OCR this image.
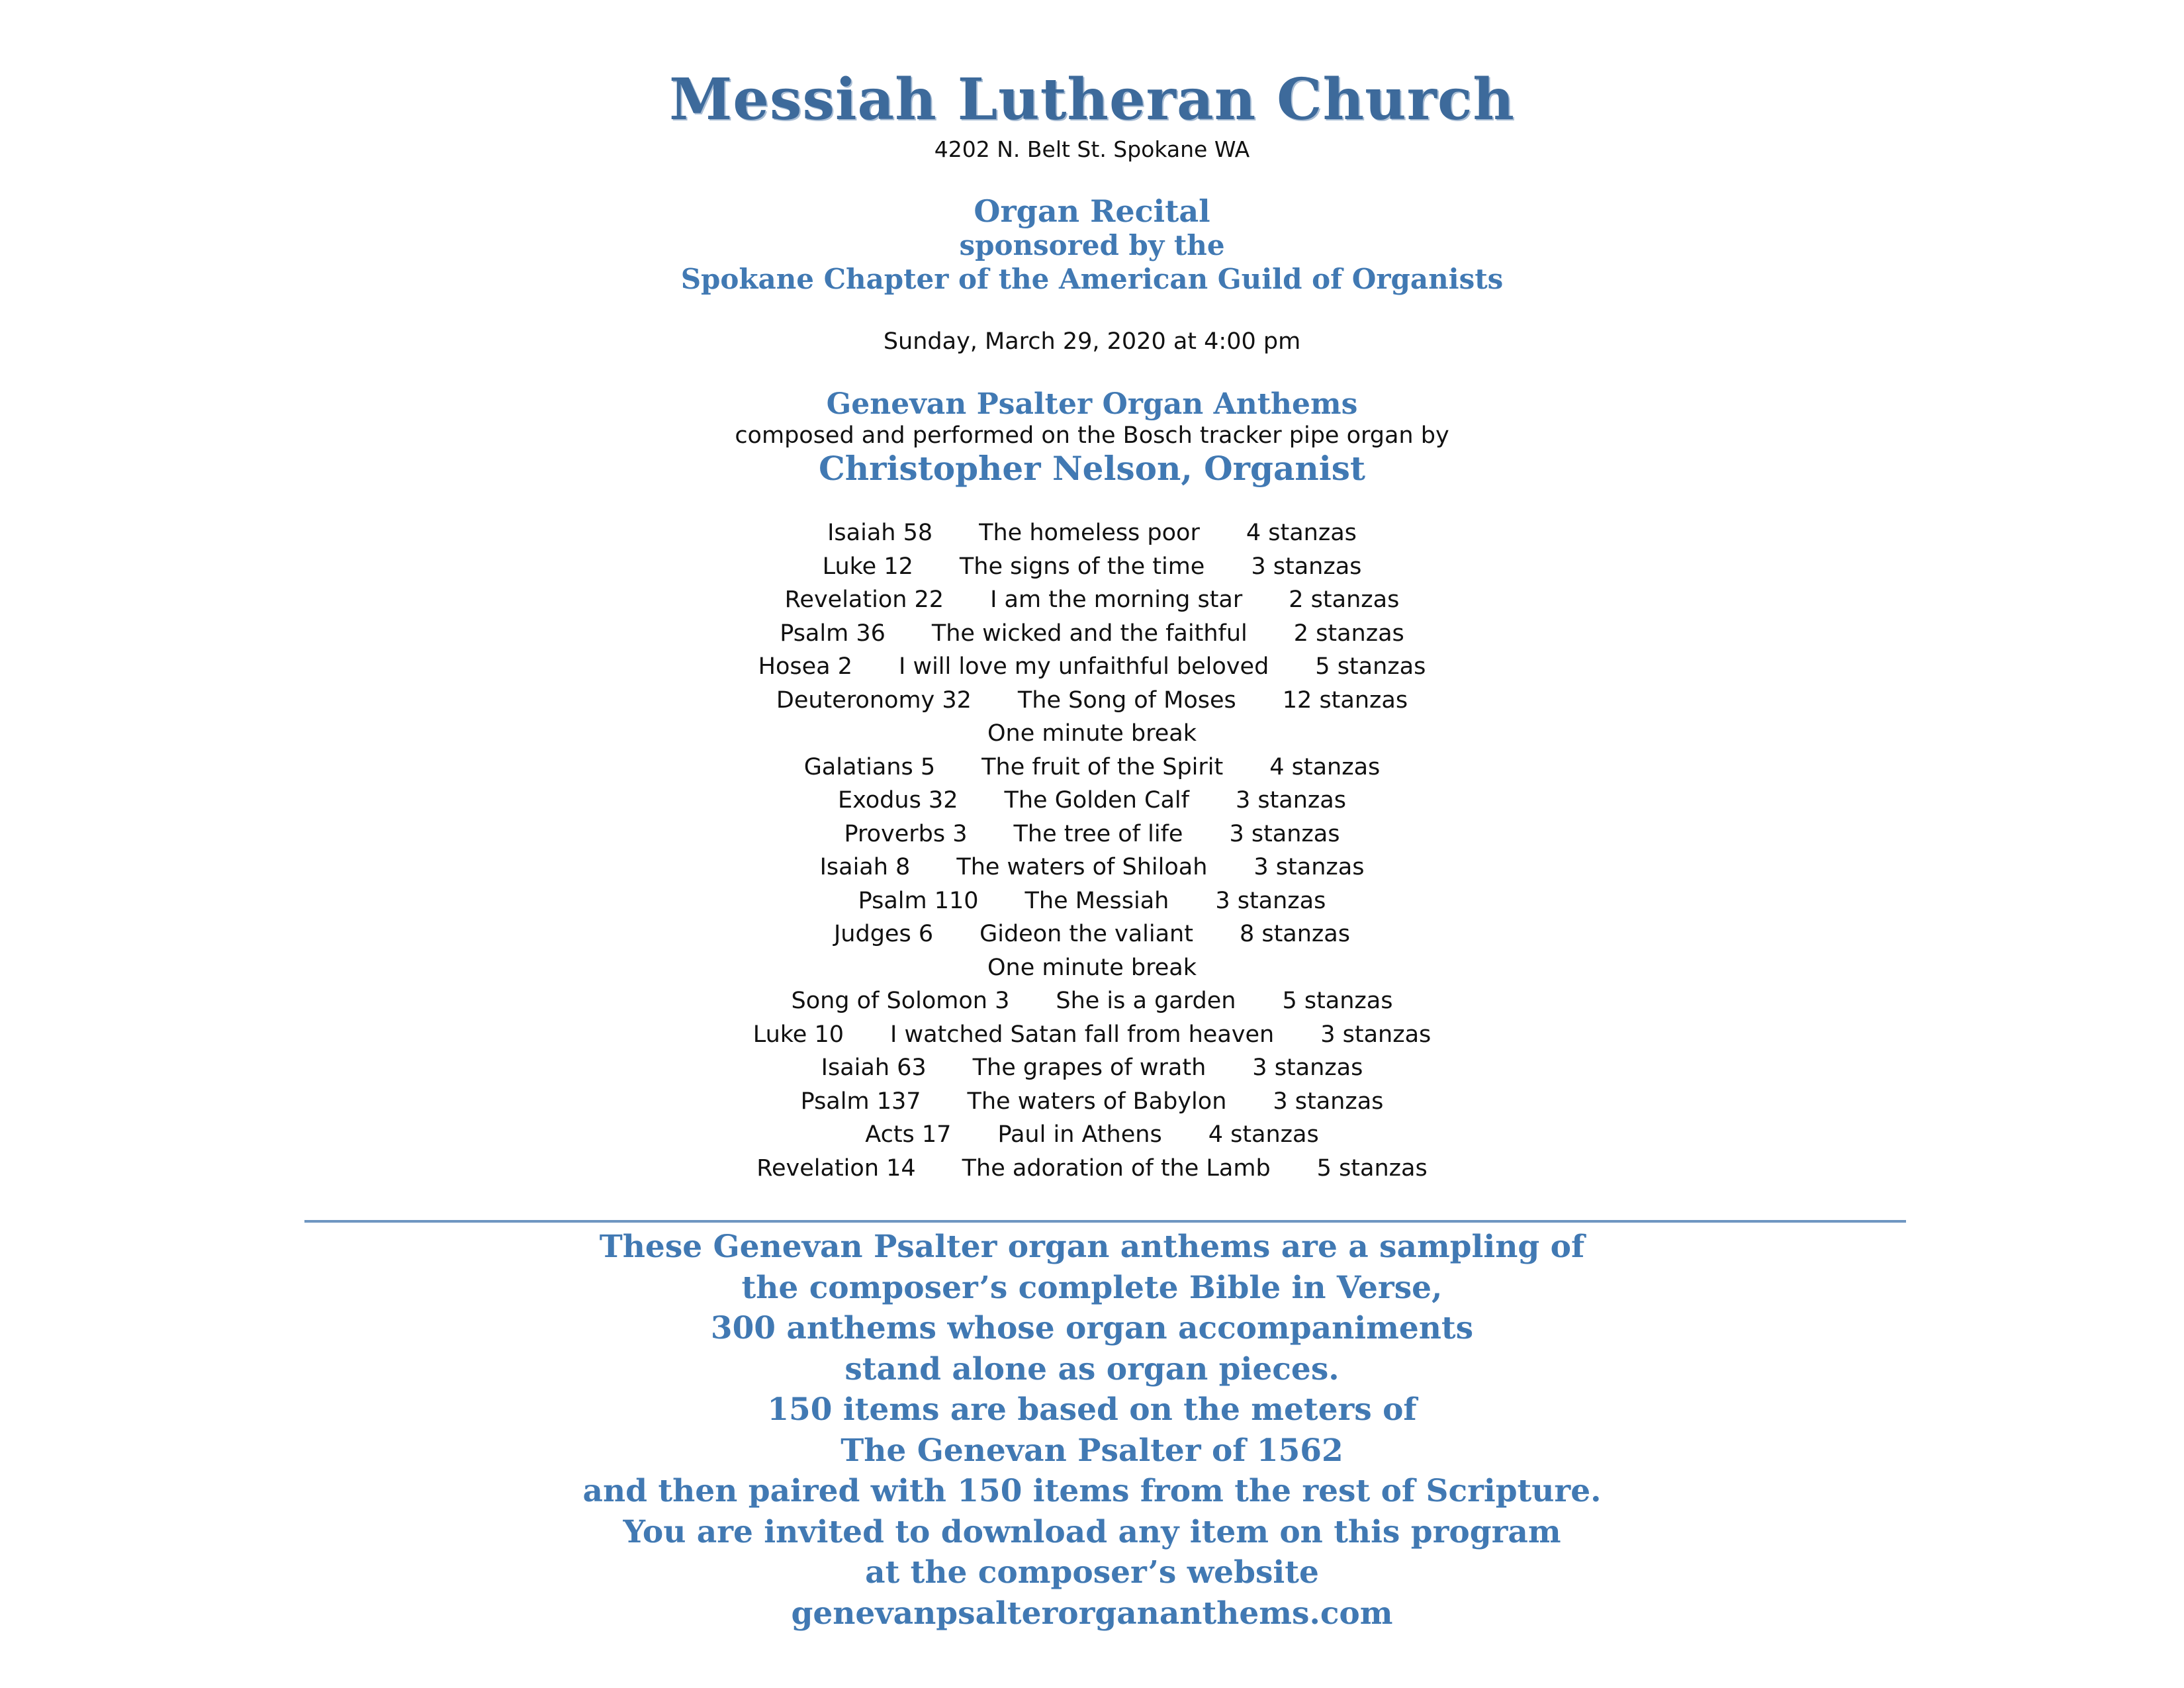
Messiah Lutheran Church
4202 N. Belt St. Spokane WA
Organ Recital
sponsored by the
Spokane Chapter of the American Guild of Organists
Sunday, March 29, 2020 at 4:00 pm
Genevan Psalter Organ Anthems
composed and performed on the Bosch tracker pipe organ by
Christopher Nelson, Organist
Isaiah 58 The homeless poor 4 stanzas
Luke 12 The signs of the time 3 stanzas
Revelation 22 I am the morning star 2 stanzas
Psalm 36 The wicked and the faithful 2 stanzas
Hosea 2 I will love my unfaithful beloved 5 stanzas
Deuteronomy 32 The Song of Moses 12 stanzas
One minute break
Galatians 5 The fruit of the Spirit 4 stanzas
Exodus 32 The Golden Calf 3 stanzas
Proverbs 3 The tree of life 3 stanzas
Isaiah 8 The waters of Shiloah 3 stanzas
Psalm 110 The Messiah 3 stanzas
Judges 6 Gideon the valiant 8 stanzas
One minute break
Song of Solomon 3 She is a garden 5 stanzas
Luke 10 I watched Satan fall from heaven 3 stanzas
Isaiah 63 The grapes of wrath 3 stanzas
Psalm 137 The waters of Babylon 3 stanzas
Acts 17 Paul in Athens 4 stanzas
Revelation 14 The adoration of the Lamb 5 stanzas
These Genevan Psalter organ anthems are a sampling of
the composer’s complete Bible in Verse,
300 anthems whose organ accompaniments
stand alone as organ pieces.
150 items are based on the meters of
The Genevan Psalter of 1562
and then paired with 150 items from the rest of Scripture.
You are invited to download any item on this program
at the composer’s website
genevanpsalterorgananthems.com
